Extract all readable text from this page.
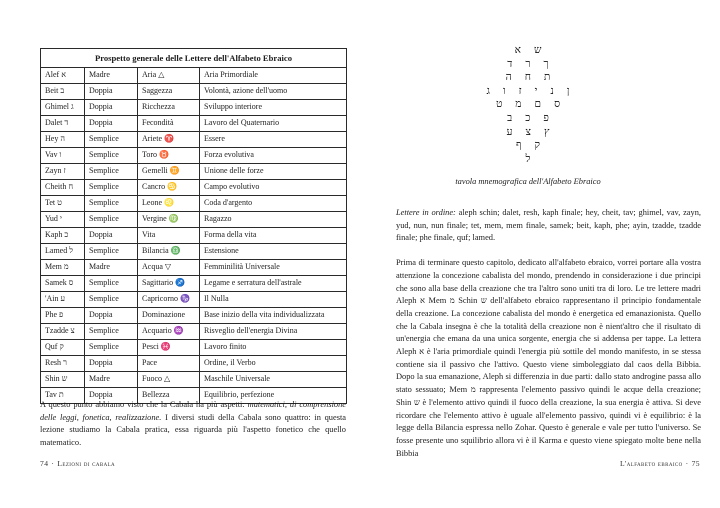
Prospetto generale delle Lettere dell'Alfabeto Ebraico			
Alef א	Madre	Aria △	Aria Primordiale
Beit ב	Doppia	Saggezza	Volontà, azione dell'uomo
Ghimel ג	Doppia	Ricchezza	Sviluppo interiore
Dalet ד	Doppia	Fecondità	Lavoro del Quaternario
Hey ה	Semplice	Ariete ♈	Essere
Vav ו	Semplice	Toro ♉	Forza evolutiva
Zayn ז	Semplice	Gemelli ♊	Unione delle forze
Cheith ח	Semplice	Cancro ♋	Campo evolutivo
Tet ט	Semplice	Leone ♌	Coda d'argento
Yud י	Semplice	Vergine ♍	Ragazzo
Kaph כ	Doppia	Vita	Forma della vita
Lamed ל	Semplice	Bilancia ♎	Estensione
Mem מ	Madre	Acqua ▽	Femminilità Universale
Samek ס	Semplice	Sagittario ♐	Legame e serratura dell'astrale
'Ain ע	Semplice	Capricorno ♑	Il Nulla
Phe פ	Doppia	Dominazione	Base inizio della vita individualizzata
Tzadde צ	Semplice	Acquario ♒	Risveglio dell'energia Divina
Quf ק	Semplice	Pesci ♓	Lavoro finito
Resh ר	Doppia	Pace	Ordine, il Verbo
Shin ש	Madre	Fuoco △	Maschile Universale
Tav ת	Doppia	Bellezza	Equilibrio, perfezione

A questo punto abbiamo visto che la Cabala ha più aspetti: matematici, di comprensione delle leggi, fonetica, realizzazione. I diversi studi della Cabala sono quattro: in questa lezione studiamo la Cabala pratica, essa riguarda più l'aspetto fonetico che quello matematico.

74 · Lezioni di cabala
א ש
ד ר ך
ה ח ת
ג ו ז י נ ן
ט מ ם ס
ב כ פ
ע צ ץ
ף ק
ל

tavola mnemografica dell'Alfabeto Ebraico

Lettere in ordine: aleph schin; dalet, resh, kaph finale; hey, cheit, tav; ghimel, vav, zayn, yud, nun, nun finale; tet, mem, mem finale, samek; beit, kaph, phe; ayin, tzadde, tzadde finale; phe finale, quf; lamed.

Prima di terminare questo capitolo, dedicato all'alfabeto ebraico, vorrei portare alla vostra attenzione la concezione cabalista del mondo, prendendo in considerazione i due principi che sono alla base della creazione che tra l'altro sono uniti tra di loro. Le tre lettere madri Aleph א Mem מ Schin ש dell'alfabeto ebraico rappresentano il principio fondamentale della creazione. La concezione cabalista del mondo è energetica ed emanazionista. Quello che la Cabala insegna è che la totalità della creazione non è nient'altro che il risultato di un'energia che emana da una unica sorgente, energia che si addensa per tappe. La lettera Aleph א è l'aria primordiale quindi l'energia più sottile del mondo manifesto, in se stessa contiene sia il passivo che l'attivo. Questo viene simboleggiato dal caos della Bibbia. Dopo la sua emanazione, Aleph si differenzia in due parti: dallo stato androgine passa allo stato sessuato; Mem מ rappresenta l'elemento passivo quindi le acque della creazione; Shin ש è l'elemento attivo quindi il fuoco della creazione, la sua energia è attiva. Si deve ricordare che l'elemento attivo è uguale all'elemento passivo, quindi vi è equilibrio: è la legge della Bilancia espressa nello Zohar. Questo è generale e vale per tutto l'universo. Se fosse presente uno squilibrio allora vi è il Karma e questo viene spiegato molte bene nella Bibbia

L'alfabeto ebraico · 75
